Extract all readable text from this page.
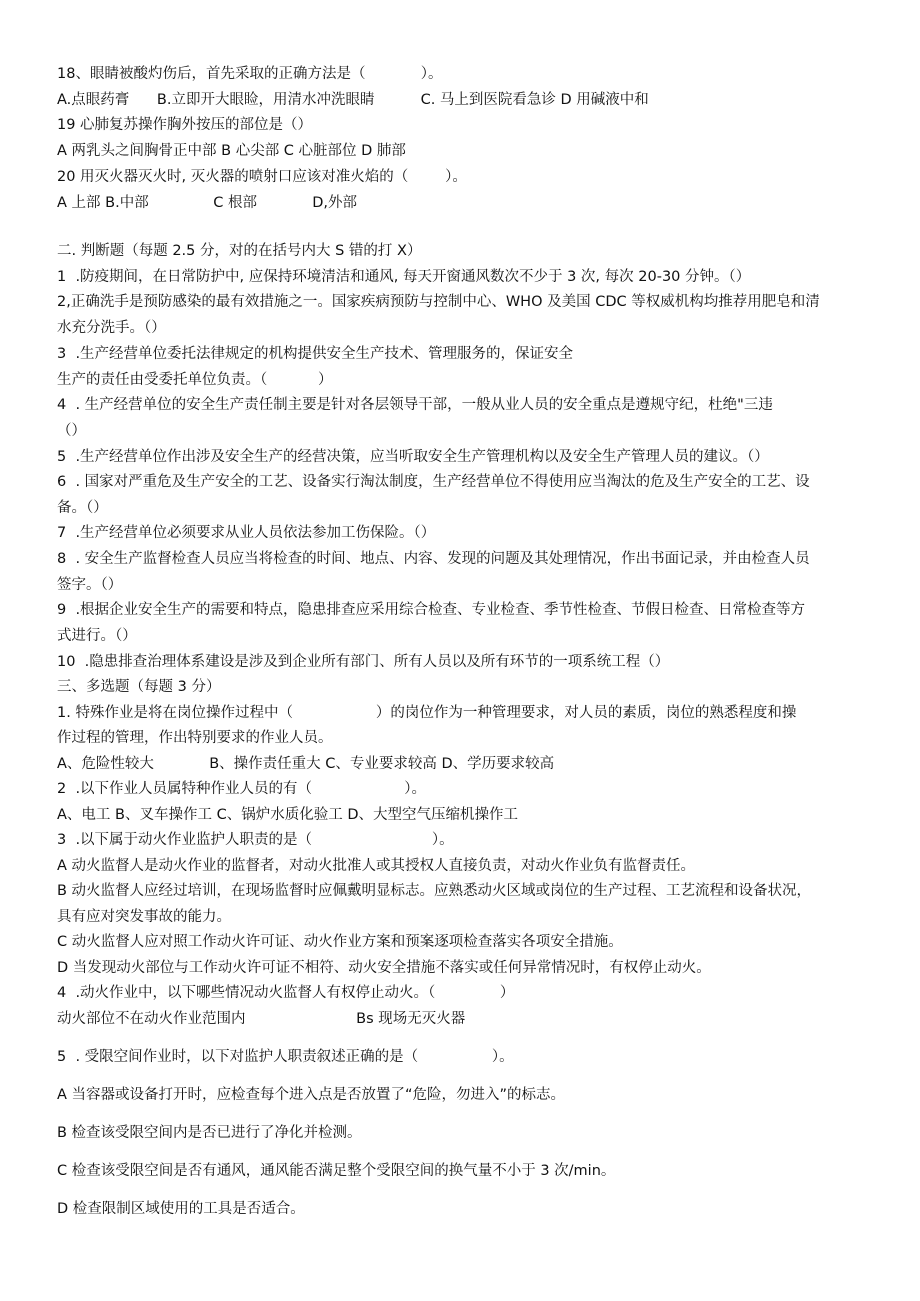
18、眼睛被酸灼伤后，首先采取的正确方法是（            ）。

A.点眼药膏      B.立即开大眼睑，用清水冲洗眼睛          C. 马上到医院看急诊 D 用碱液中和

19 心肺复苏操作胸外按压的部位是（）

A 两乳头之间胸骨正中部 B 心尖部 C 心脏部位 D 肺部

20 用灭火器灭火时, 灭火器的喷射口应该对准火焰的（        ）。

A 上部 B.中部              C 根部            D,外部

二. 判断题（每题 2.5 分，对的在括号内大 S 错的打 X）

1  .防疫期间，在日常防护中, 应保持环境清洁和通风, 每天开窗通风数次不少于 3 次, 每次 20-30 分钟。（）

2,正确洗手是预防感染的最有效措施之一。国家疾病预防与控制中心、WHO 及美国 CDC 等权威机构均推荐用肥皂和清

水充分洗手。（）

3  .生产经营单位委托法律规定的机构提供安全生产技术、管理服务的，保证安全

生产的责任由受委托单位负责。（           ）

4  . 生产经营单位的安全生产责任制主要是针对各层领导干部，一般从业人员的安全重点是遵规守纪，杜绝"三违

（）

5  .生产经营单位作出涉及安全生产的经营决策，应当听取安全生产管理机构以及安全生产管理人员的建议。（）

6  . 国家对严重危及生产安全的工艺、设备实行淘汰制度，生产经营单位不得使用应当淘汰的危及生产安全的工艺、设

备。（）

7  .生产经营单位必须要求从业人员依法参加工伤保险。（）

8  . 安全生产监督检查人员应当将检查的时间、地点、内容、发现的问题及其处理情况，作出书面记录，并由检查人员

签字。（）

9  .根据企业安全生产的需要和特点，隐患排查应采用综合检查、专业检查、季节性检查、节假日检查、日常检查等方

式进行。（）

10  .隐患排查治理体系建设是涉及到企业所有部门、所有人员以及所有环节的一项系统工程（）

三、多选题（每题 3 分）

1. 特殊作业是将在岗位操作过程中（                  ）的岗位作为一种管理要求，对人员的素质，岗位的熟悉程度和操

作过程的管理，作出特别要求的作业人员。

A、危险性较大            B、操作责任重大 C、专业要求较高 D、学历要求较高

2  .以下作业人员属特种作业人员的有（                    ）。

A、电工 B、叉车操作工 C、锅炉水质化验工 D、大型空气压缩机操作工

3  .以下属于动火作业监护人职责的是（                          ）。

A 动火监督人是动火作业的监督者，对动火批准人或其授权人直接负责，对动火作业负有监督责任。

B 动火监督人应经过培训，在现场监督时应佩戴明显标志。应熟悉动火区域或岗位的生产过程、工艺流程和设备状况，

具有应对突发事故的能力。

C 动火监督人应对照工作动火许可证、动火作业方案和预案逐项检查落实各项安全措施。

D 当发现动火部位与工作动火许可证不相符、动火安全措施不落实或任何异常情况时，有权停止动火。

4  .动火作业中，以下哪些情况动火监督人有权停止动火。（              ）

动火部位不在动火作业范围内                        Bs 现场无灭火器

5  . 受限空间作业时，以下对监护人职责叙述正确的是（                ）。

A 当容器或设备打开时，应检查每个进入点是否放置了“危险，勿进入”的标志。

B 检查该受限空间内是否已进行了净化并检测。

C 检查该受限空间是否有通风，通风能否满足整个受限空间的换气量不小于 3 次/min。

D 检查限制区域使用的工具是否适合。
